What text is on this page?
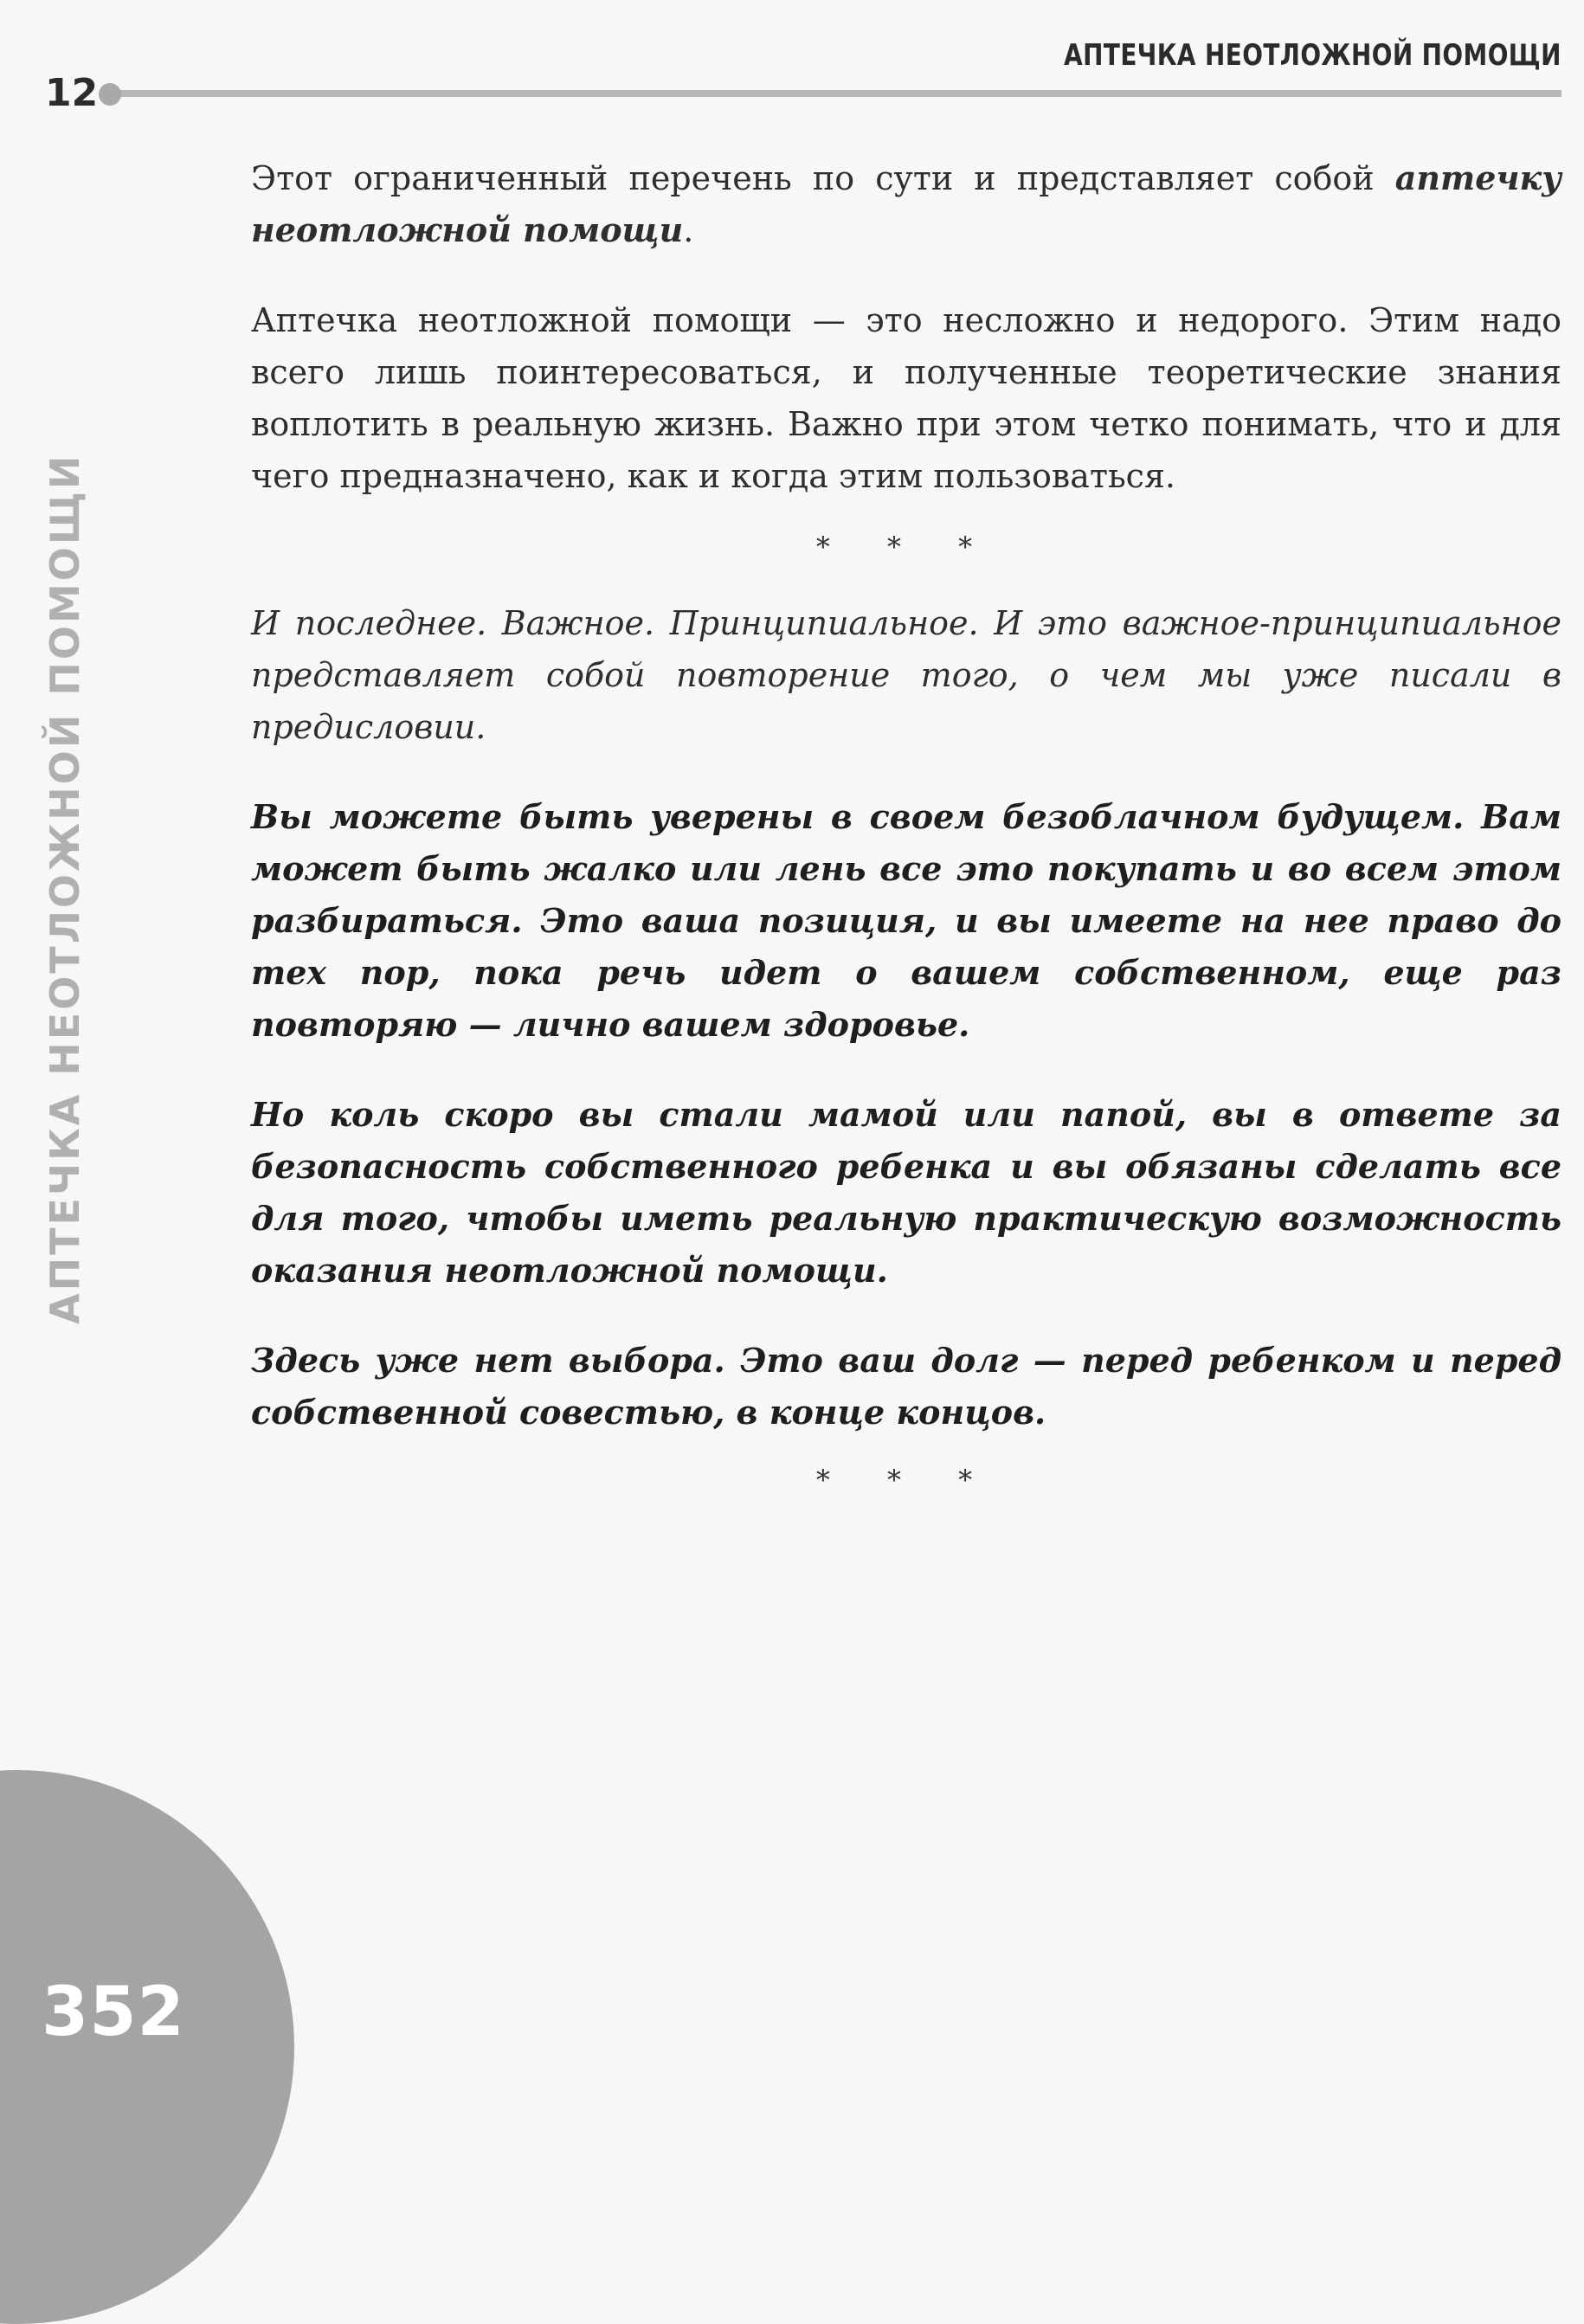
12
АПТЕЧКА НЕОТЛОЖНОЙ ПОМОЩИ
АПТЕЧКА НЕОТЛОЖНОЙ ПОМОЩИ
352

Этот ограниченный перечень по сути и представляет собой аптечку неотложной помощи.

Аптечка неотложной помощи — это несложно и недорого. Этим надо всего лишь поинтересоваться, и полученные теоретические знания воплотить в реальную жизнь. Важно при этом четко понимать, что и для чего предназначено, как и когда этим пользоваться.

* * *

И последнее. Важное. Принципиальное. И это важное-принципиальное представляет собой повторение того, о чем мы уже писали в предисловии.

Вы можете быть уверены в своем безоблачном будущем. Вам может быть жалко или лень все это покупать и во всем этом разбираться. Это ваша позиция, и вы имеете на нее право до тех пор, пока речь идет о вашем собственном, еще раз повторяю — лично вашем здоровье.

Но коль скоро вы стали мамой или папой, вы в ответе за безопасность собственного ребенка и вы обязаны сделать все для того, чтобы иметь реальную практическую возможность оказания неотложной помощи.

Здесь уже нет выбора. Это ваш долг — перед ребенком и перед собственной совестью, в конце концов.

* * *
